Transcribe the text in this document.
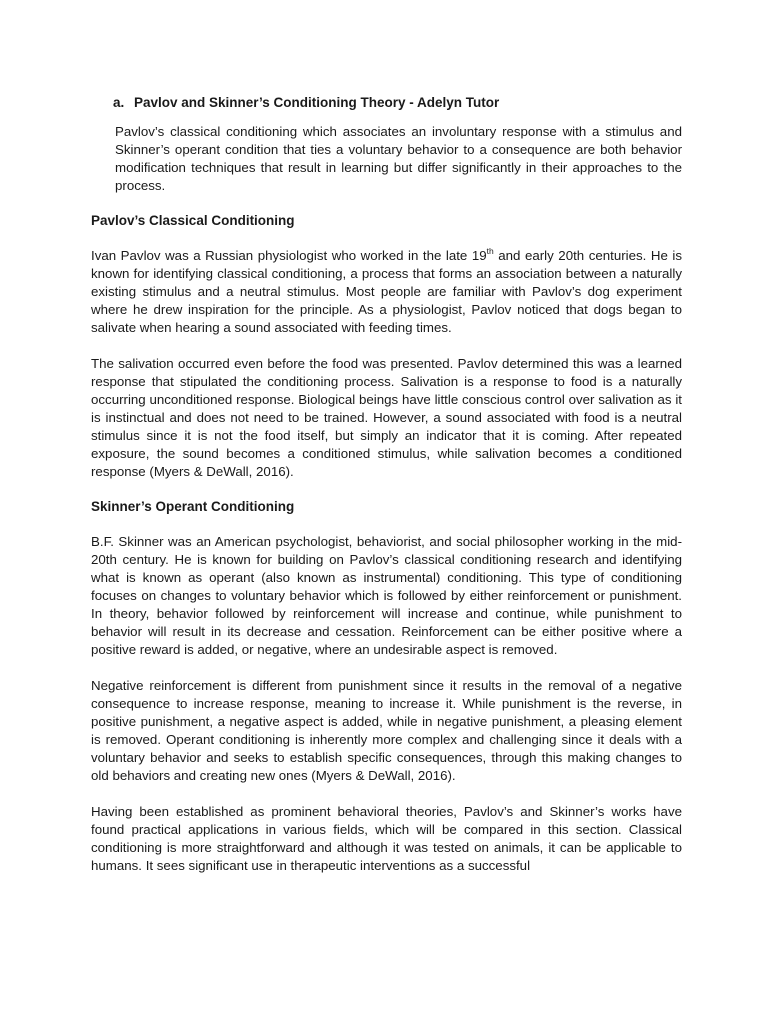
a. Pavlov and Skinner’s Conditioning Theory - Adelyn Tutor

Pavlov’s classical conditioning which associates an involuntary response with a stimulus and Skinner’s operant condition that ties a voluntary behavior to a consequence are both behavior modification techniques that result in learning but differ significantly in their approaches to the process.

Pavlov’s Classical Conditioning

Ivan Pavlov was a Russian physiologist who worked in the late 19th and early 20th centuries. He is known for identifying classical conditioning, a process that forms an association between a naturally existing stimulus and a neutral stimulus. Most people are familiar with Pavlov’s dog experiment where he drew inspiration for the principle. As a physiologist, Pavlov noticed that dogs began to salivate when hearing a sound associated with feeding times.

The salivation occurred even before the food was presented. Pavlov determined this was a learned response that stipulated the conditioning process. Salivation is a response to food is a naturally occurring unconditioned response. Biological beings have little conscious control over salivation as it is instinctual and does not need to be trained. However, a sound associated with food is a neutral stimulus since it is not the food itself, but simply an indicator that it is coming. After repeated exposure, the sound becomes a conditioned stimulus, while salivation becomes a conditioned response (Myers & DeWall, 2016).

Skinner’s Operant Conditioning

B.F. Skinner was an American psychologist, behaviorist, and social philosopher working in the mid-20th century. He is known for building on Pavlov’s classical conditioning research and identifying what is known as operant (also known as instrumental) conditioning. This type of conditioning focuses on changes to voluntary behavior which is followed by either reinforcement or punishment. In theory, behavior followed by reinforcement will increase and continue, while punishment to behavior will result in its decrease and cessation. Reinforcement can be either positive where a positive reward is added, or negative, where an undesirable aspect is removed.

Negative reinforcement is different from punishment since it results in the removal of a negative consequence to increase response, meaning to increase it. While punishment is the reverse, in positive punishment, a negative aspect is added, while in negative punishment, a pleasing element is removed. Operant conditioning is inherently more complex and challenging since it deals with a voluntary behavior and seeks to establish specific consequences, through this making changes to old behaviors and creating new ones (Myers & DeWall, 2016).

Having been established as prominent behavioral theories, Pavlov’s and Skinner’s works have found practical applications in various fields, which will be compared in this section. Classical conditioning is more straightforward and although it was tested on animals, it can be applicable to humans. It sees significant use in therapeutic interventions as a successful
